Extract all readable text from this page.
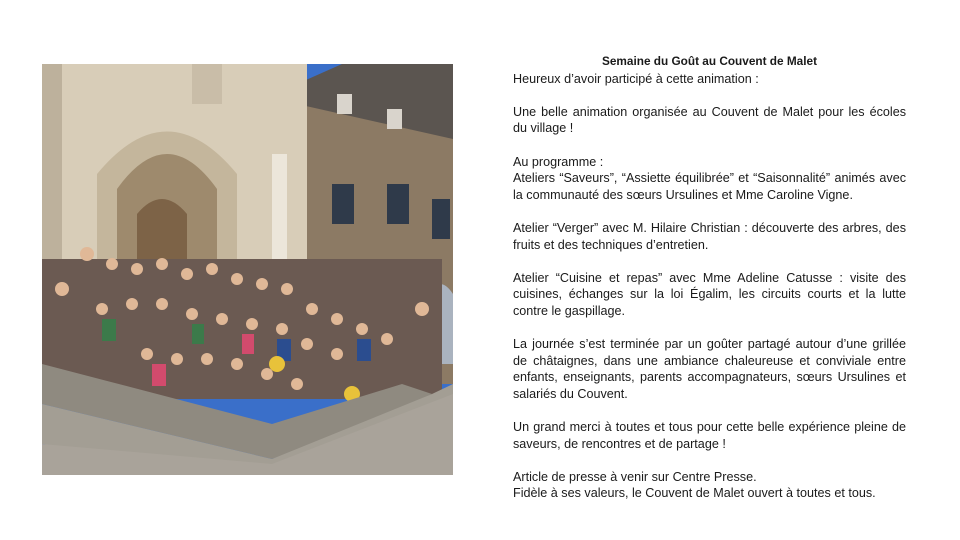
Semaine du Goût au Couvent de Malet
Heureux d’avoir participé à cette animation :
Une belle animation organisée au Couvent de Malet pour les écoles du village !
Au programme :
Ateliers “Saveurs”, “Assiette équilibrée” et “Saisonnalité” animés avec la communauté des sœurs Ursulines et Mme Caroline Vigne.
Atelier “Verger” avec M. Hilaire Christian : découverte des arbres, des fruits et des techniques d’entretien.
Atelier “Cuisine et repas” avec Mme Adeline Catusse : visite des cuisines, échanges sur la loi Égalim, les circuits courts et la lutte contre le gaspillage.
La journée s’est terminée par un goûter partagé autour d’une grillée de châtaignes, dans une ambiance chaleureuse et conviviale entre enfants, enseignants, parents accompagnateurs, sœurs Ursulines et salariés du Couvent.
Un grand merci à toutes et tous pour cette belle expérience pleine de saveurs, de rencontres et de partage !
Article de presse à venir sur Centre Presse.
Fidèle à ses valeurs, le Couvent de Malet ouvert à toutes et tous.
